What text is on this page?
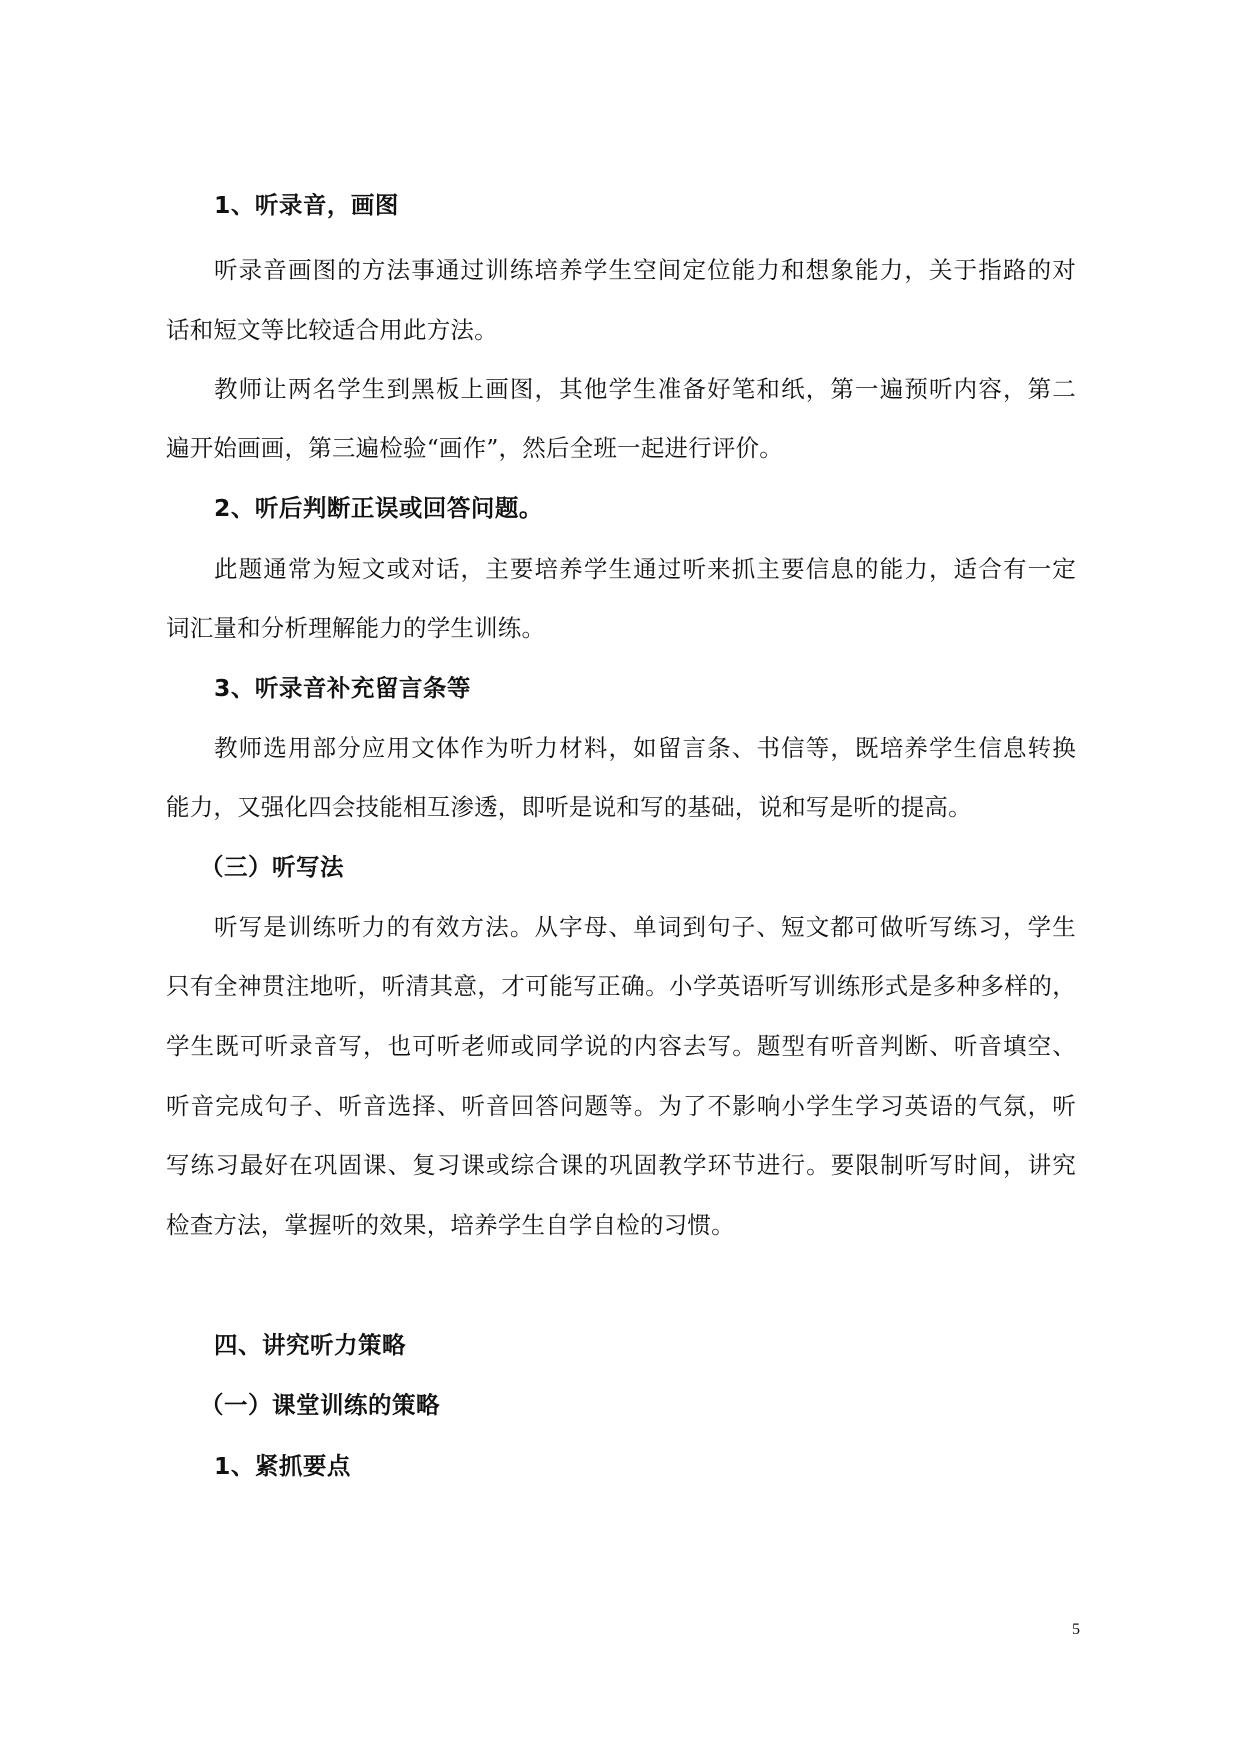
1、听录音，画图
听录音画图的方法事通过训练培养学生空间定位能力和想象能力，关于指路的对
话和短文等比较适合用此方法。
教师让两名学生到黑板上画图，其他学生准备好笔和纸，第一遍预听内容，第二
遍开始画画，第三遍检验“画作”，然后全班一起进行评价。
2、听后判断正误或回答问题。
此题通常为短文或对话，主要培养学生通过听来抓主要信息的能力，适合有一定
词汇量和分析理解能力的学生训练。
3、听录音补充留言条等
教师选用部分应用文体作为听力材料，如留言条、书信等，既培养学生信息转换
能力，又强化四会技能相互渗透，即听是说和写的基础，说和写是听的提高。
（三）听写法
听写是训练听力的有效方法。从字母、单词到句子、短文都可做听写练习，学生
只有全神贯注地听，听清其意，才可能写正确。小学英语听写训练形式是多种多样的，
学生既可听录音写，也可听老师或同学说的内容去写。题型有听音判断、听音填空、
听音完成句子、听音选择、听音回答问题等。为了不影响小学生学习英语的气氛，听
写练习最好在巩固课、复习课或综合课的巩固教学环节进行。要限制听写时间，讲究
检查方法，掌握听的效果，培养学生自学自检的习惯。
四、讲究听力策略
（一）课堂训练的策略
1、紧抓要点
5
